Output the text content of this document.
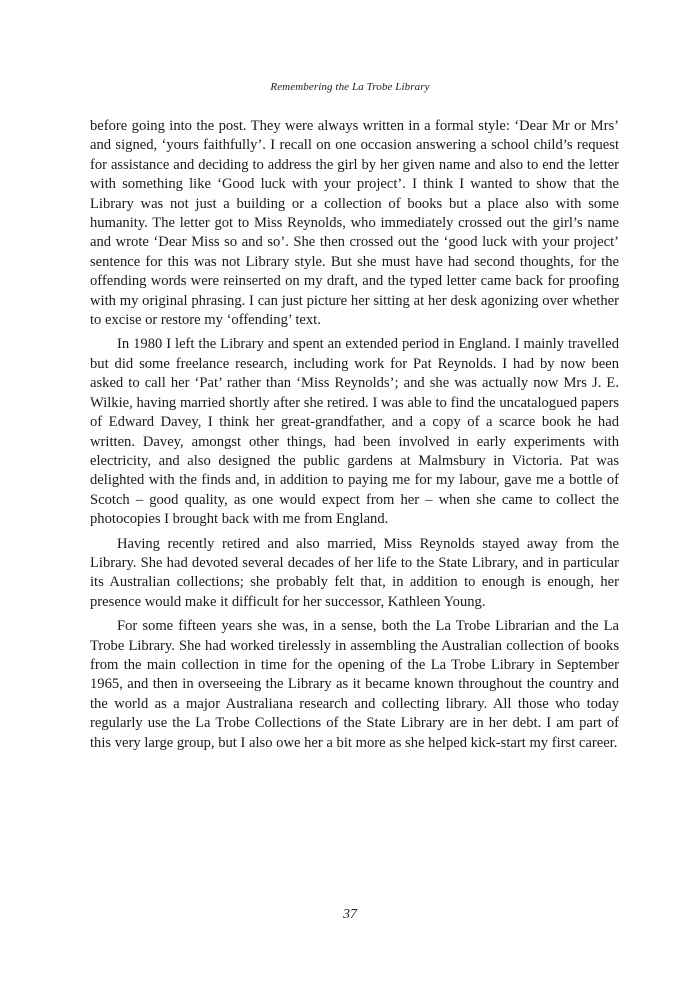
Remembering the La Trobe Library

before going into the post. They were always written in a formal style: ‘Dear Mr or Mrs’ and signed, ‘yours faithfully’. I recall on one occasion answering a school child’s request for assistance and deciding to address the girl by her given name and also to end the letter with something like ‘Good luck with your project’. I think I wanted to show that the Library was not just a building or a collection of books but a place also with some humanity. The letter got to Miss Reynolds, who immediately crossed out the girl’s name and wrote ‘Dear Miss so and so’. She then crossed out the ‘good luck with your project’ sentence for this was not Library style. But she must have had second thoughts, for the offending words were reinserted on my draft, and the typed letter came back for proofing with my original phrasing. I can just picture her sitting at her desk agonizing over whether to excise or restore my ‘offending’ text.

In 1980 I left the Library and spent an extended period in England. I mainly travelled but did some freelance research, including work for Pat Reynolds. I had by now been asked to call her ‘Pat’ rather than ‘Miss Reynolds’; and she was actually now Mrs J. E. Wilkie, having married shortly after she retired. I was able to find the uncatalogued papers of Edward Davey, I think her great-grandfather, and a copy of a scarce book he had written. Davey, amongst other things, had been involved in early experiments with electricity, and also designed the public gardens at Malmsbury in Victoria. Pat was delighted with the finds and, in addition to paying me for my labour, gave me a bottle of Scotch – good quality, as one would expect from her – when she came to collect the photocopies I brought back with me from England.

Having recently retired and also married, Miss Reynolds stayed away from the Library. She had devoted several decades of her life to the State Library, and in particular its Australian collections; she probably felt that, in addition to enough is enough, her presence would make it difficult for her successor, Kathleen Young.

For some fifteen years she was, in a sense, both the La Trobe Librarian and the La Trobe Library. She had worked tirelessly in assembling the Australian collection of books from the main collection in time for the opening of the La Trobe Library in September 1965, and then in overseeing the Library as it became known throughout the country and the world as a major Australiana research and collecting library. All those who today regularly use the La Trobe Collections of the State Library are in her debt. I am part of this very large group, but I also owe her a bit more as she helped kick-start my first career.

37
